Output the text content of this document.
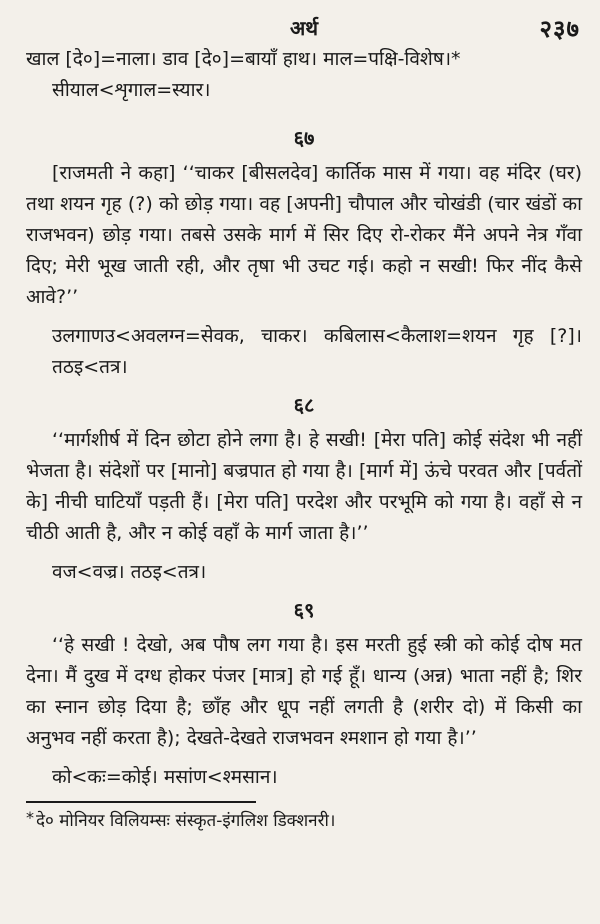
अर्थ	२३७

खाल [दे०]=नाला। डाव [दे०]=बायाँ हाथ। माल=पक्षि-विशेष।*

सीयाल<शृगाल=स्यार।

६७

[राजमती ने कहा] ‘‘चाकर [बीसलदेव] कार्तिक मास में गया। वह मंदिर (घर) तथा शयन गृह (?) को छोड़ गया। वह [अपनी] चौपाल और चोखंडी (चार खंडों का राजभवन) छोड़ गया। तबसे उसके मार्ग में सिर दिए रो-रोकर मैंने अपने नेत्र गँवा दिए; मेरी भूख जाती रही, और तृषा भी उचट गई। कहो न सखी! फिर नींद कैसे आवे?’’

उलगाणउ<अवलग्न=सेवक, चाकर। कबिलास<कैलाश=शयन गृह [?]। तठइ<तत्र।

६८

‘‘मार्गशीर्ष में दिन छोटा होने लगा है। हे सखी! [मेरा पति] कोई संदेश भी नहीं भेजता है। संदेशों पर [मानो] बज्रपात हो गया है। [मार्ग में] ऊंचे परवत और [पर्वतों के] नीची घाटियाँ पड़ती हैं। [मेरा पति] परदेश और परभूमि को गया है। वहाँ से न चीठी आती है, और न कोई वहाँ के मार्ग जाता है।’’

वज<वज्र। तठइ<तत्र।

६९

‘‘हे सखी ! देखो, अब पौष लग गया है। इस मरती हुई स्त्री को कोई दोष मत देना। मैं दुख में दग्ध होकर पंजर [मात्र] हो गई हूँ। धान्य (अन्न) भाता नहीं है; शिर का स्नान छोड़ दिया है; छाँह और धूप नहीं लगती है (शरीर दो) में किसी का अनुभव नहीं करता है); देखते-देखते राजभवन श्मशान हो गया है।’’

को<कः=कोई। मसांण<श्मसान।

* दे० मोनियर विलियम्सः संस्कृत-इंगलिश डिक्शनरी।
